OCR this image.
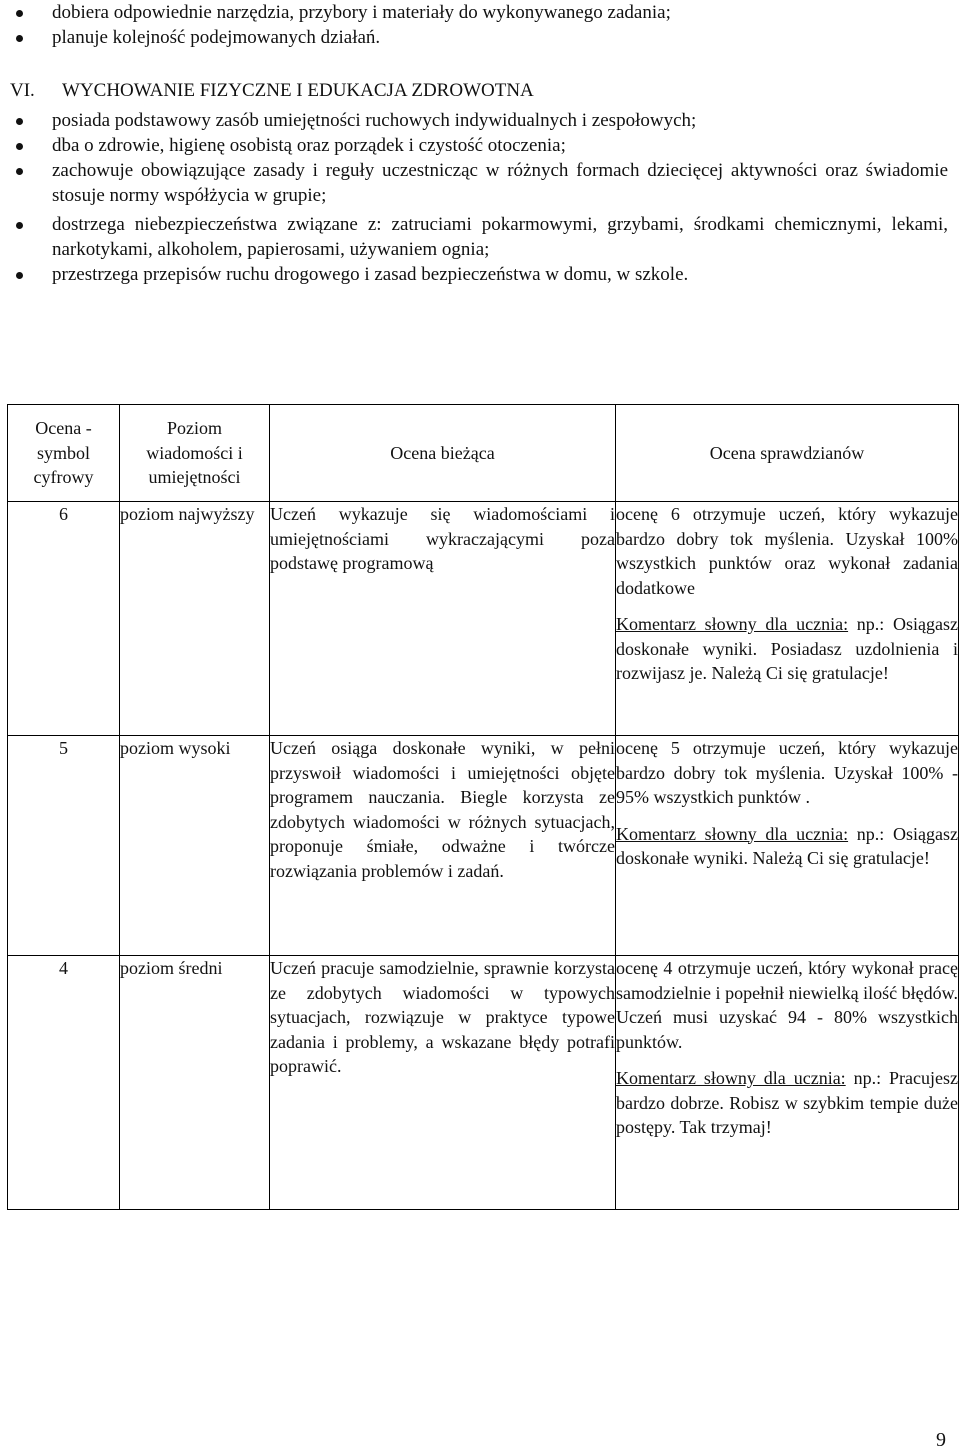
dobiera odpowiednie narzędzia, przybory i materiały do wykonywanego zadania;
planuje kolejność podejmowanych działań.
VI. WYCHOWANIE FIZYCZNE I EDUKACJA ZDROWOTNA
posiada podstawowy zasób umiejętności ruchowych indywidualnych i zespołowych;
dba o zdrowie, higienę osobistą oraz porządek i czystość otoczenia;
zachowuje obowiązujące zasady i reguły uczestnicząc w różnych formach dziecięcej aktywności oraz świadomie stosuje normy współżycia w grupie;
dostrzega niebezpieczeństwa związane z: zatruciami pokarmowymi, grzybami, środkami chemicznymi, lekami, narkotykami, alkoholem, papierosami, używaniem ognia;
przestrzega przepisów ruchu drogowego i zasad bezpieczeństwa w domu, w szkole.
Ocena - symbol cyfrowy	Poziom wiadomości i umiejętności	Ocena bieżąca	Ocena sprawdzianów
6	poziom najwyższy	Uczeń wykazuje się wiadomościami i umiejętnościami wykraczającymi poza podstawę programową	ocenę 6 otrzymuje uczeń, który wykazuje bardzo dobry tok myślenia. Uzyskał 100% wszystkich punktów oraz wykonał zadania dodatkowe
Komentarz słowny dla ucznia: np.: Osiągasz doskonałe wyniki. Posiadasz uzdolnienia i rozwijasz je. Należą Ci się gratulacje!

5	poziom wysoki	Uczeń osiąga doskonałe wyniki, w pełni przyswoił wiadomości i umiejętności objęte programem nauczania. Biegle korzysta ze zdobytych wiadomości w różnych sytuacjach, proponuje śmiałe, odważne i twórcze rozwiązania problemów i zadań.	ocenę 5 otrzymuje uczeń, który wykazuje bardzo dobry tok myślenia. Uzyskał 100% - 95% wszystkich punktów .
Komentarz słowny dla ucznia: np.: Osiągasz doskonałe wyniki. Należą Ci się gratulacje!

4	poziom średni	Uczeń pracuje samodzielnie, sprawnie korzysta ze zdobytych wiadomości w typowych sytuacjach, rozwiązuje w praktyce typowe zadania i problemy, a wskazane błędy potrafi poprawić.	ocenę 4 otrzymuje uczeń, który wykonał pracę samodzielnie i popełnił niewielką ilość błędów. Uczeń musi uzyskać 94 - 80% wszystkich punktów.
Komentarz słowny dla ucznia: np.: Pracujesz bardzo dobrze. Robisz w szybkim tempie duże postępy. Tak trzymaj!
9
